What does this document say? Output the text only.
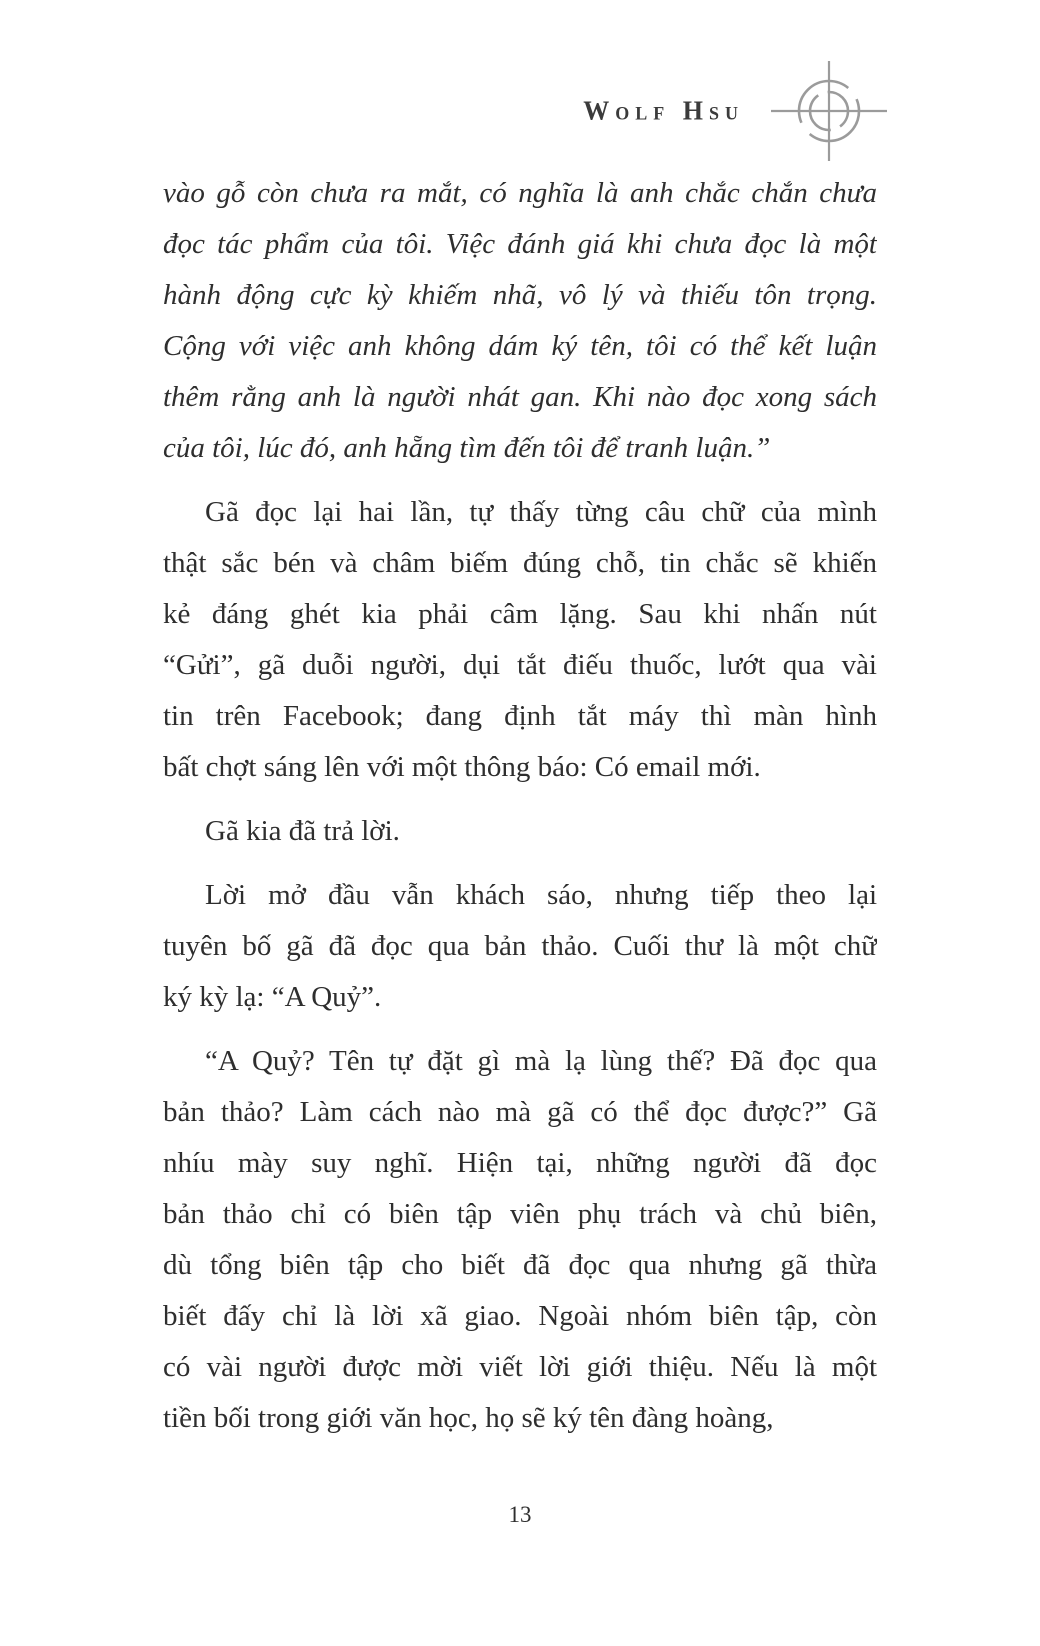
Wolf Hsu
vào gỗ còn chưa ra mắt, có nghĩa là anh chắc chắn chưa
đọc tác phẩm của tôi. Việc đánh giá khi chưa đọc là một
hành động cực kỳ khiếm nhã, vô lý và thiếu tôn trọng.
Cộng với việc anh không dám ký tên, tôi có thể kết luận
thêm rằng anh là người nhát gan. Khi nào đọc xong sách
của tôi, lúc đó, anh hẵng tìm đến tôi để tranh luận.”
Gã đọc lại hai lần, tự thấy từng câu chữ của mình
thật sắc bén và châm biếm đúng chỗ, tin chắc sẽ khiến
kẻ đáng ghét kia phải câm lặng. Sau khi nhấn nút
“Gửi”, gã duỗi người, dụi tắt điếu thuốc, lướt qua vài
tin trên Facebook; đang định tắt máy thì màn hình
bất chợt sáng lên với một thông báo: Có email mới.
Gã kia đã trả lời.
Lời mở đầu vẫn khách sáo, nhưng tiếp theo lại
tuyên bố gã đã đọc qua bản thảo. Cuối thư là một chữ
ký kỳ lạ: “A Quỷ”.
“A Quỷ? Tên tự đặt gì mà lạ lùng thế? Đã đọc qua
bản thảo? Làm cách nào mà gã có thể đọc được?” Gã
nhíu mày suy nghĩ. Hiện tại, những người đã đọc
bản thảo chỉ có biên tập viên phụ trách và chủ biên,
dù tổng biên tập cho biết đã đọc qua nhưng gã thừa
biết đấy chỉ là lời xã giao. Ngoài nhóm biên tập, còn
có vài người được mời viết lời giới thiệu. Nếu là một
tiền bối trong giới văn học, họ sẽ ký tên đàng hoàng,
13
